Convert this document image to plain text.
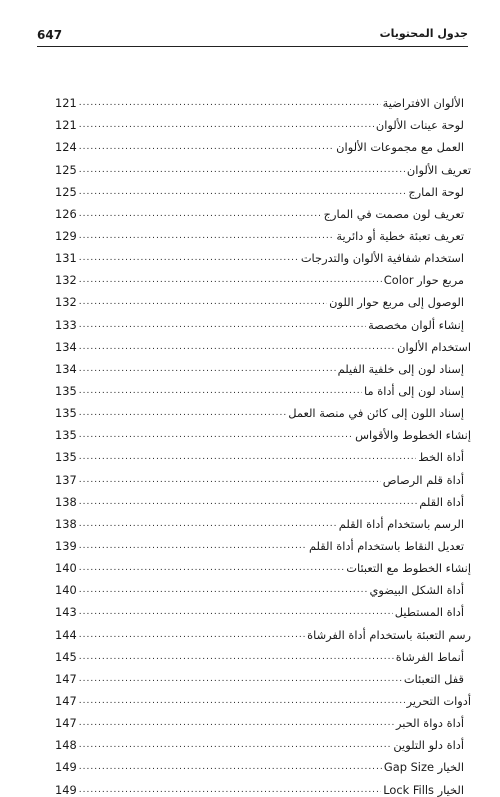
647	جدول المحتويات
الألوان الافتراضية
.....
121
لوحة عينات الألوان
.....
121
العمل مع مجموعات الألوان
.....
124
تعريف الألوان
.....
125
لوحة المارج
.....
125
تعريف لون مصمت في المارج
.....
126
تعريف تعبئة خطية أو دائرية
.....
129
استخدام شفافية الألوان والتدرجات
.....
131
مربع حوار Color
.....
132
الوصول إلى مربع حوار اللون
.....
132
إنشاء ألوان مخصصة
.....
133
استخدام الألوان
.....
134
إسناد لون إلى خلفية الفيلم
.....
134
إسناد لون إلى أداة ما
.....
135
إسناد اللون إلى كائن في منصة العمل
.....
135
إنشاء الخطوط والأقواس
.....
135
أداة الخط
.....
135
أداة قلم الرصاص
.....
137
أداة القلم
.....
138
الرسم باستخدام أداة القلم
.....
138
تعديل النقاط باستخدام أداة القلم
.....
139
إنشاء الخطوط مع التعبئات
.....
140
أداة الشكل البيضوي
.....
140
أداة المستطيل
.....
143
رسم التعبئة باستخدام أداة الفرشاة
.....
144
أنماط الفرشاة
.....
145
قفل التعبئات
.....
147
أدوات التحرير
.....
147
أداة دواة الحبر
.....
147
أداة دلو التلوين
.....
148
الخيار Gap Size
.....
149
الخيار Lock Fills
.....
149
